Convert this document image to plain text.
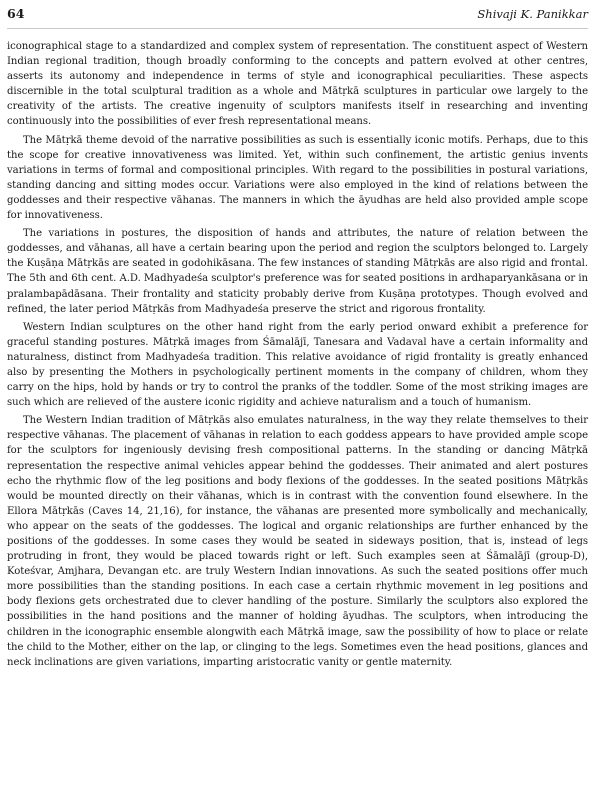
64	Shivaji K. Panikkar

iconographical stage to a standardized and complex system of representation. The constituent aspect of Western Indian regional tradition, though broadly conforming to the concepts and pattern evolved at other centres, asserts its autonomy and independence in terms of style and iconographical peculiarities. These aspects discernible in the total sculptural tradition as a whole and Mātṛkā sculptures in particular owe largely to the creativity of the artists. The creative ingenuity of sculptors manifests itself in researching and inventing continuously into the possibilities of ever fresh representational means.

The Mātṛkā theme devoid of the narrative possibilities as such is essentially iconic motifs. Perhaps, due to this the scope for creative innovativeness was limited. Yet, within such confinement, the artistic genius invents variations in terms of formal and compositional principles. With regard to the possibilities in postural variations, standing dancing and sitting modes occur. Variations were also employed in the kind of relations between the goddesses and their respective vāhanas. The manners in which the āyudhas are held also provided ample scope for innovativeness.

The variations in postures, the disposition of hands and attributes, the nature of relation between the goddesses, and vāhanas, all have a certain bearing upon the period and region the sculptors belonged to. Largely the Kuṣāṇa Mātṛkās are seated in godohikāsana. The few instances of standing Mātṛkās are also rigid and frontal. The 5th and 6th cent. A.D. Madhyadeśa sculptor's preference was for seated positions in ardhaparyankāsana or in pralambapādāsana. Their frontality and staticity probably derive from Kuṣāṇa prototypes. Though evolved and refined, the later period Mātṛkās from Madhyadeśa preserve the strict and rigorous frontality.

Western Indian sculptures on the other hand right from the early period onward exhibit a preference for graceful standing postures. Mātṛkā images from Śāmalājī, Tanesara and Vadaval have a certain informality and naturalness, distinct from Madhyadeśa tradition. This relative avoidance of rigid frontality is greatly enhanced also by presenting the Mothers in psychologically pertinent moments in the company of children, whom they carry on the hips, hold by hands or try to control the pranks of the toddler. Some of the most striking images are such which are relieved of the austere iconic rigidity and achieve naturalism and a touch of humanism.

The Western Indian tradition of Mātṛkās also emulates naturalness, in the way they relate themselves to their respective vāhanas. The placement of vāhanas in relation to each goddess appears to have provided ample scope for the sculptors for ingeniously devising fresh compositional patterns. In the standing or dancing Mātṛkā representation the respective animal vehicles appear behind the goddesses. Their animated and alert postures echo the rhythmic flow of the leg positions and body flexions of the goddesses. In the seated positions Mātṛkās would be mounted directly on their vāhanas, which is in contrast with the convention found elsewhere. In the Ellora Mātṛkās (Caves 14, 21,16), for instance, the vāhanas are presented more symbolically and mechanically, who appear on the seats of the goddesses. The logical and organic relationships are further enhanced by the positions of the goddesses. In some cases they would be seated in sideways position, that is, instead of legs protruding in front, they would be placed towards right or left. Such examples seen at Śāmalājī (group-D), Koteśvar, Amjhara, Devangan etc. are truly Western Indian innovations. As such the seated positions offer much more possibilities than the standing positions. In each case a certain rhythmic movement in leg positions and body flexions gets orchestrated due to clever handling of the posture. Similarly the sculptors also explored the possibilities in the hand positions and the manner of holding āyudhas. The sculptors, when introducing the children in the iconographic ensemble alongwith each Mātṛkā image, saw the possibility of how to place or relate the child to the Mother, either on the lap, or clinging to the legs. Sometimes even the head positions, glances and neck inclinations are given variations, imparting aristocratic vanity or gentle maternity.
